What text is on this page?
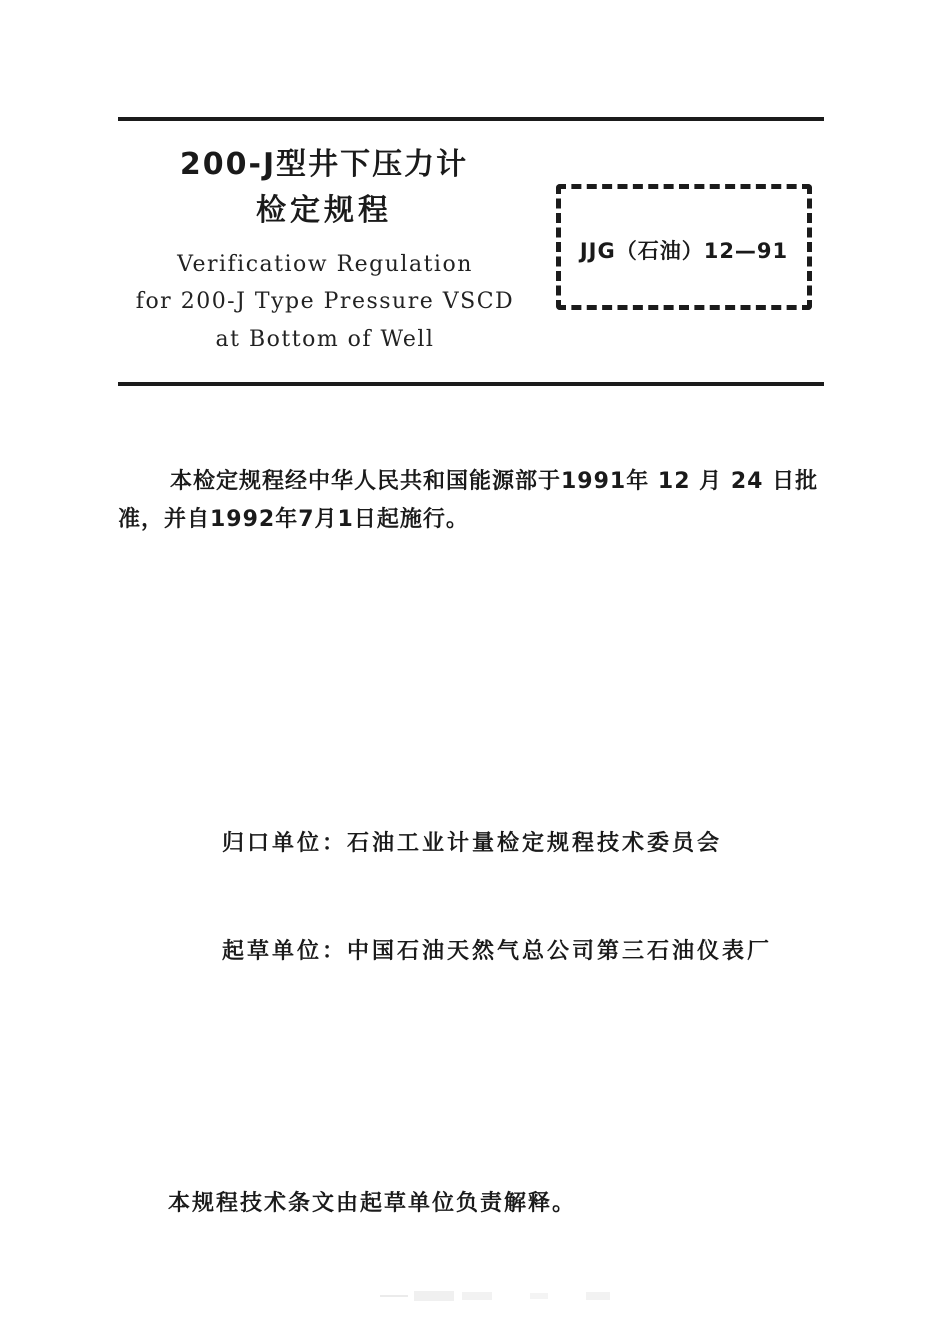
200-J型井下压力计
检定规程
Verificatiow Regulation
for 200-J Type Pressure VSCD
at Bottom of Well
JJG（石油）12—91
本检定规程经中华人民共和国能源部于1991年 12 月 24 日批准，并自1992年7月1日起施行。
归口单位：石油工业计量检定规程技术委员会
起草单位：中国石油天然气总公司第三石油仪表厂
本规程技术条文由起草单位负责解释。
